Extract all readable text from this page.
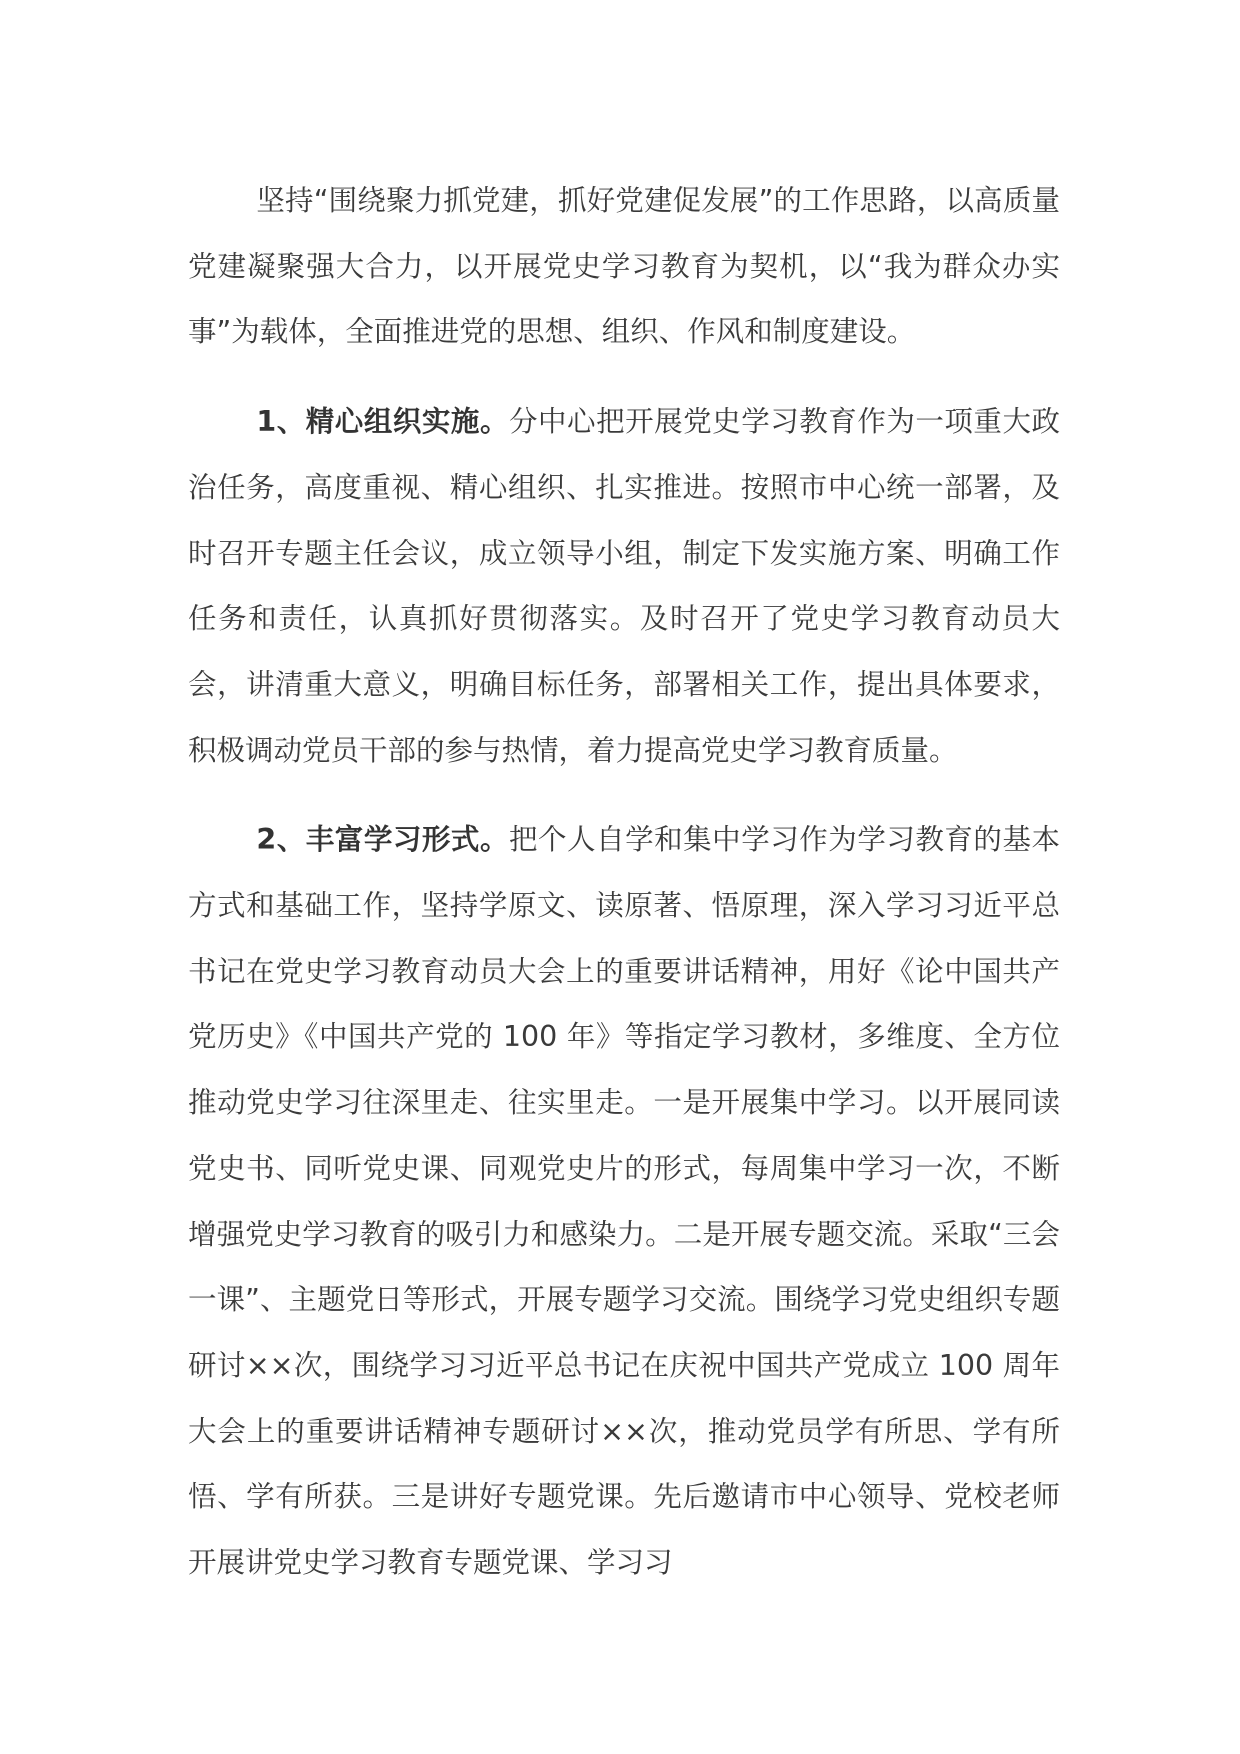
坚持“围绕聚力抓党建，抓好党建促发展”的工作思路，以高质量党建凝聚强大合力，以开展党史学习教育为契机，以“我为群众办实事”为载体，全面推进党的思想、组织、作风和制度建设。

1、精心组织实施。分中心把开展党史学习教育作为一项重大政治任务，高度重视、精心组织、扎实推进。按照市中心统一部署，及时召开专题主任会议，成立领导小组，制定下发实施方案、明确工作任务和责任，认真抓好贯彻落实。及时召开了党史学习教育动员大会，讲清重大意义，明确目标任务，部署相关工作，提出具体要求，积极调动党员干部的参与热情，着力提高党史学习教育质量。

2、丰富学习形式。把个人自学和集中学习作为学习教育的基本方式和基础工作，坚持学原文、读原著、悟原理，深入学习习近平总书记在党史学习教育动员大会上的重要讲话精神，用好《论中国共产党历史》《中国共产党的 100 年》等指定学习教材，多维度、全方位推动党史学习往深里走、往实里走。一是开展集中学习。以开展同读党史书、同听党史课、同观党史片的形式，每周集中学习一次，不断增强党史学习教育的吸引力和感染力。二是开展专题交流。采取“三会一课”、主题党日等形式，开展专题学习交流。围绕学习党史组织专题研讨××次，围绕学习习近平总书记在庆祝中国共产党成立 100 周年大会上的重要讲话精神专题研讨××次，推动党员学有所思、学有所悟、学有所获。三是讲好专题党课。先后邀请市中心领导、党校老师开展讲党史学习教育专题党课、学习习
